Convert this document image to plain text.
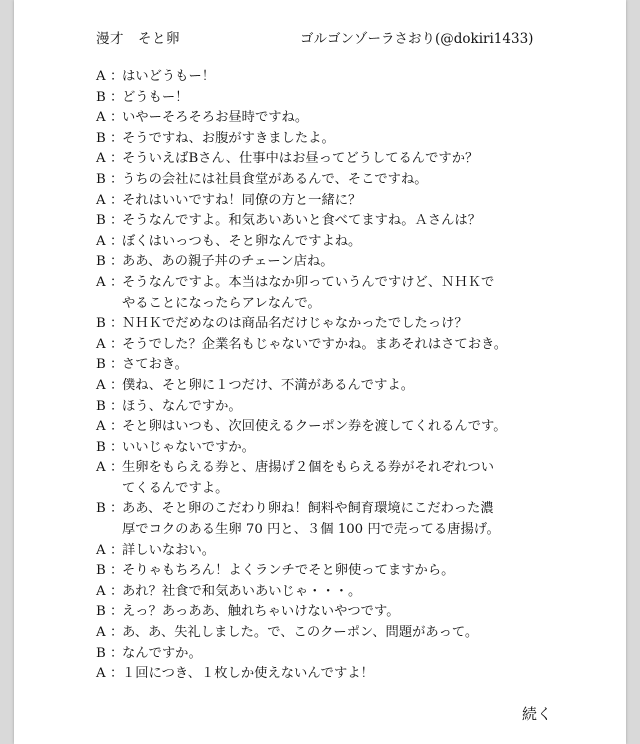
漫才　そと卵	ゴルゴンゾーラさおり(@dokiri1433)
A ：
はいどうもー！
B ：
どうもー！
A ：
いやーそろそろお昼時ですね。
B ：
そうですね、お腹がすきましたよ。
A ：
そういえばBさん、仕事中はお昼ってどうしてるんですか？
B ：
うちの会社には社員食堂があるんで、そこですね。
A ：
それはいいですね！同僚の方と一緒に？
B ：
そうなんですよ。和気あいあいと食べてますね。Ａさんは？
A ：
ぼくはいっつも、そと卵なんですよね。
B ：
ああ、あの親子丼のチェーン店ね。
A ：
そうなんですよ。本当はなか卯っていうんですけど、ＮＨＫで
やることになったらアレなんで。
B ：
ＮＨＫでだめなのは商品名だけじゃなかったでしたっけ？
A ：
そうでした？企業名もじゃないですかね。まあそれはさておき。
B ：
さておき。
A ：
僕ね、そと卵に１つだけ、不満があるんですよ。
B ：
ほう、なんですか。
A ：
そと卵はいつも、次回使えるクーポン券を渡してくれるんです。
B ：
いいじゃないですか。
A ：
生卵をもらえる券と、唐揚げ２個をもらえる券がそれぞれつい
てくるんですよ。
B ：
ああ、そと卵のこだわり卵ね！飼料や飼育環境にこだわった濃
厚でコクのある生卵 70 円と、３個 100 円で売ってる唐揚げ。
A ：
詳しいなおい。
B ：
そりゃもちろん！よくランチでそと卵使ってますから。
A ：
あれ？社食で和気あいあいじゃ・・・。
B ：
えっ？あっああ、触れちゃいけないやつです。
A ：
あ、あ、失礼しました。で、このクーポン、問題があって。
B ：
なんですか。
A ：
１回につき、１枚しか使えないんですよ！
続く
